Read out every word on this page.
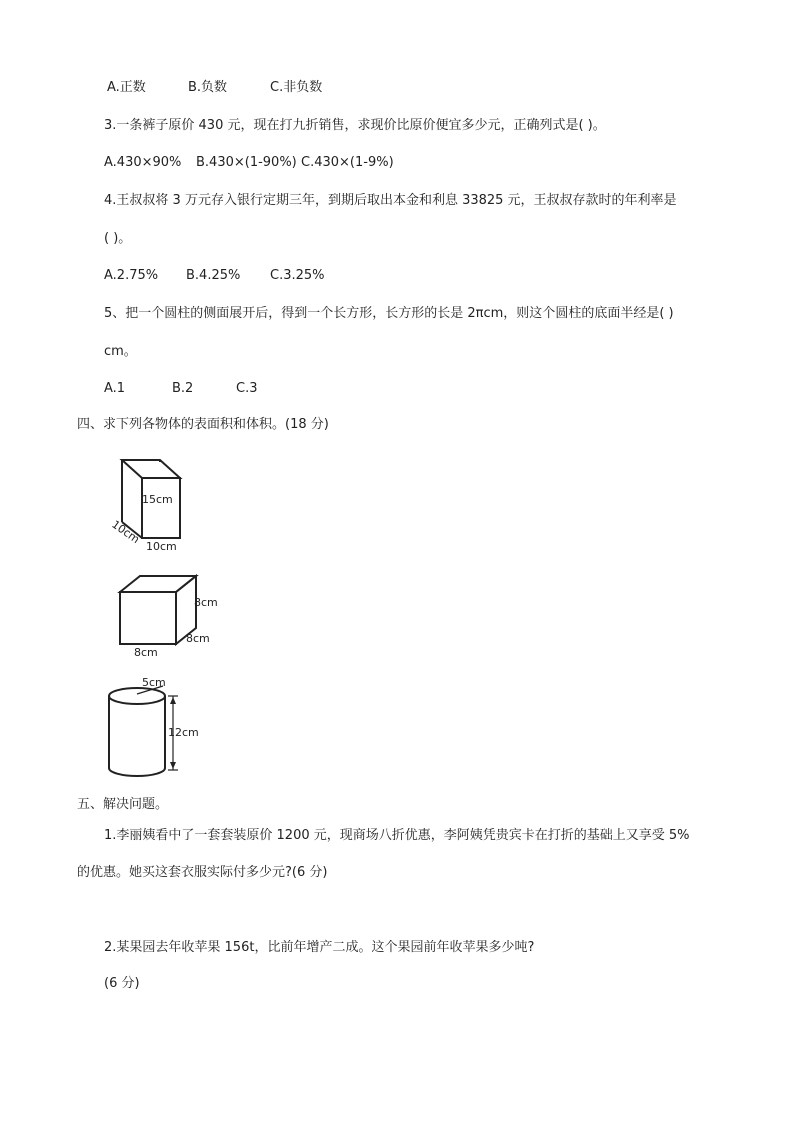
A.正数	B.负数	C.非负数
3.一条裤子原价 430 元，现在打九折销售，求现价比原价便宜多少元，正确列式是( )。
A.430×90% B.430×(1-90%) C.430×(1-9%)
4.王叔叔将 3 万元存入银行定期三年，到期后取出本金和利息 33825 元，王叔叔存款时的年利率是
( )。
A.2.75% B.4.25% C.3.25%
5、把一个圆柱的侧面展开后，得到一个长方形，长方形的长是 2πcm，则这个圆柱的底面半经是( )
cm。
A.1	B.2	C.3
四、求下列各物体的表面积和体积。(18 分)
15cm
10cm
10cm
8cm
8cm
8cm
5cm
12cm
五、解决问题。
1.李丽姨看中了一套套装原价 1200 元，现商场八折优惠，李阿姨凭贵宾卡在打折的基础上又享受 5%
的优惠。她买这套衣服实际付多少元?(6 分)
2.某果园去年收苹果 156t，比前年增产二成。这个果园前年收苹果多少吨?
(6 分)
